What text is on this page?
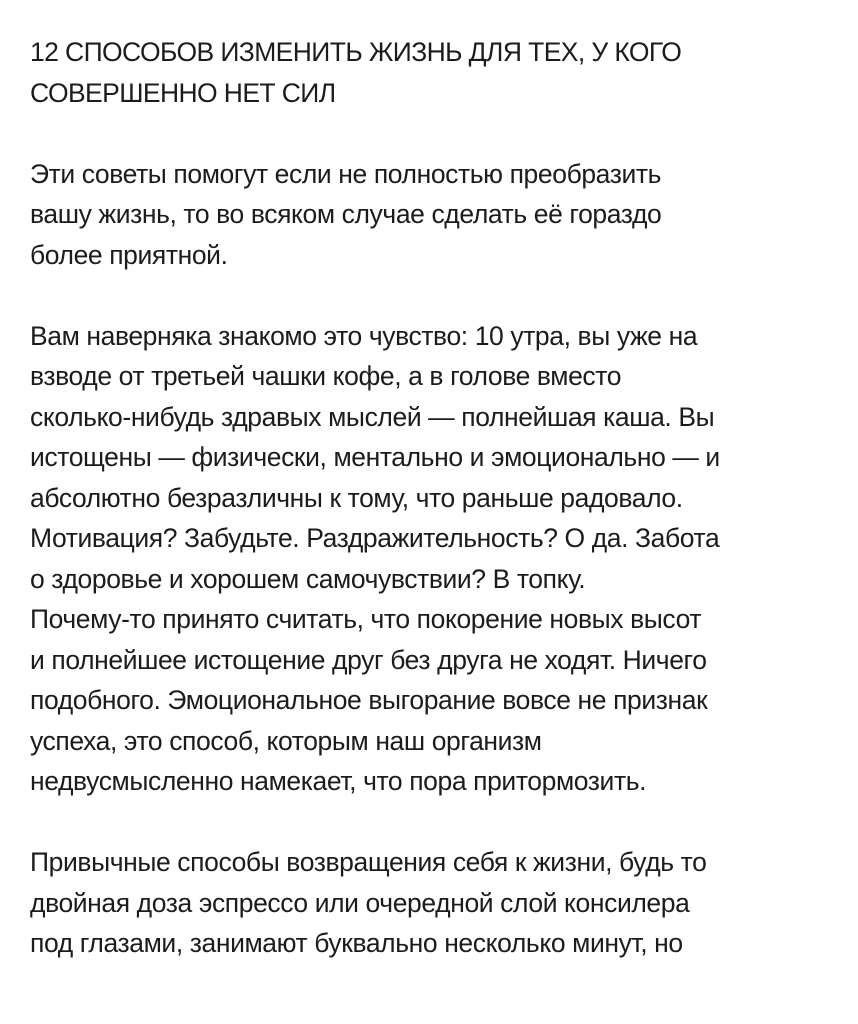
12 СПОСОБОВ ИЗМЕНИТЬ ЖИЗНЬ ДЛЯ ТЕХ, У КОГО
СОВЕРШЕННО НЕТ СИЛ

Эти советы помогут если не полностью преобразить
вашу жизнь, то во всяком случае сделать её гораздо
более приятной.

Вам наверняка знакомо это чувство: 10 утра, вы уже на
взводе от третьей чашки кофе, а в голове вместо
сколько-нибудь здравых мыслей — полнейшая каша. Вы
истощены — физически, ментально и эмоционально — и
абсолютно безразличны к тому, что раньше радовало.
Мотивация? Забудьте. Раздражительность? О да. Забота
о здоровье и хорошем самочувствии? В топку.
Почему-то принято считать, что покорение новых высот
и полнейшее истощение друг без друга не ходят. Ничего
подобного. Эмоциональное выгорание вовсе не признак
успеха, это способ, которым наш организм
недвусмысленно намекает, что пора притормозить.

Привычные способы возвращения себя к жизни, будь то
двойная доза эспрессо или очередной слой консилера
под глазами, занимают буквально несколько минут, но
